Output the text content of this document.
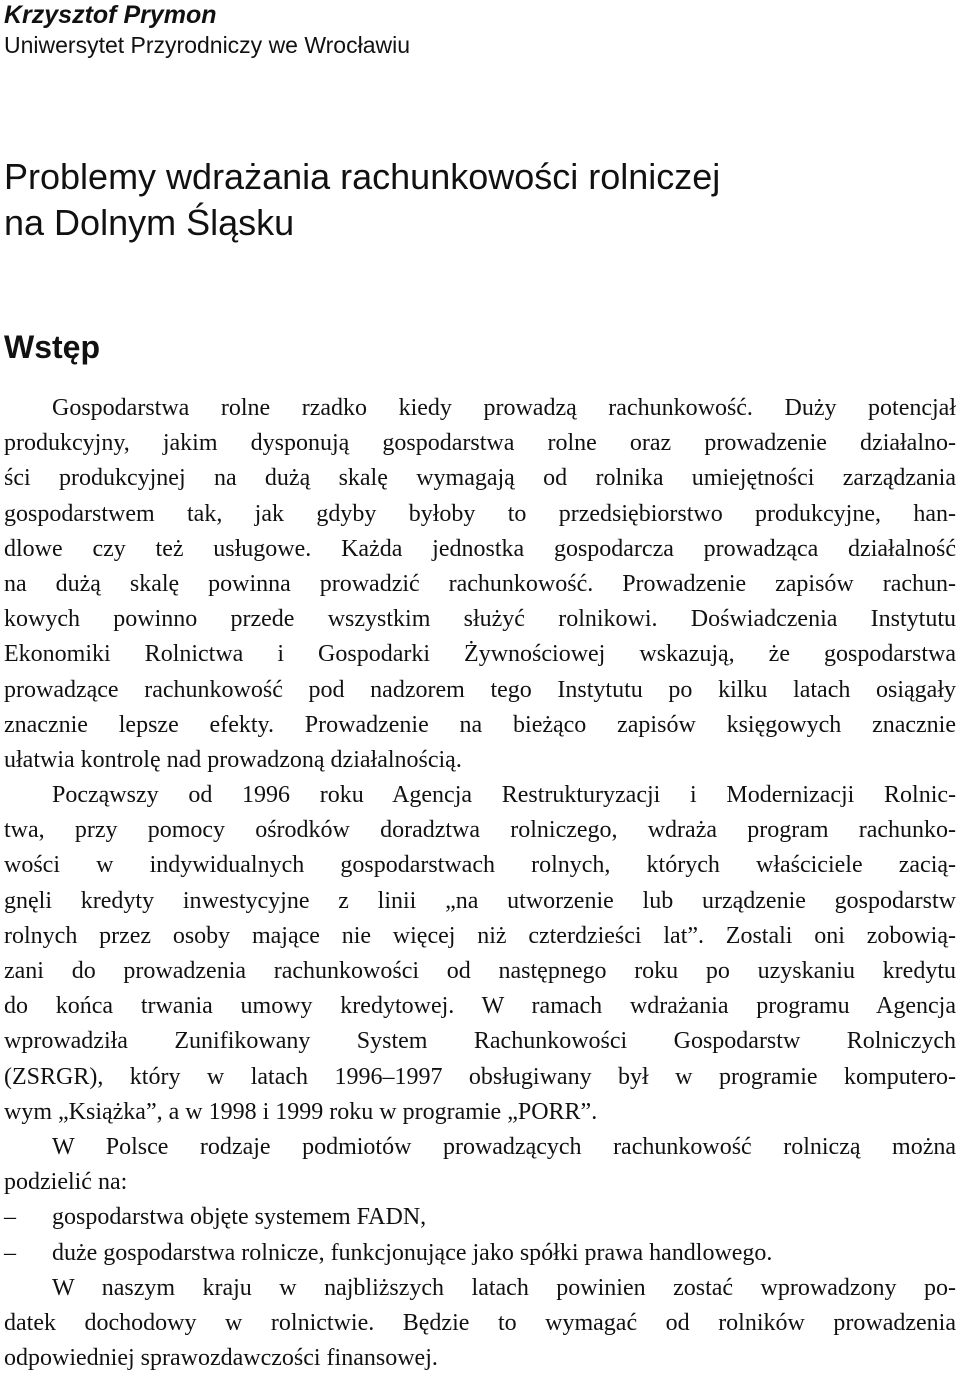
Krzysztof Prymon
Uniwersytet Przyrodniczy we Wrocławiu
Problemy wdrażania rachunkowości rolniczej
na Dolnym Śląsku
Wstęp
Gospodarstwa rolne rzadko kiedy prowadzą rachunkowość. Duży potencjał
produkcyjny, jakim dysponują gospodarstwa rolne oraz prowadzenie działalno-
ści produkcyjnej na dużą skalę wymagają od rolnika umiejętności zarządzania
gospodarstwem tak, jak gdyby byłoby to przedsiębiorstwo produkcyjne, han-
dlowe czy też usługowe. Każda jednostka gospodarcza prowadząca działalność
na dużą skalę powinna prowadzić rachunkowość. Prowadzenie zapisów rachun-
kowych powinno przede wszystkim służyć rolnikowi. Doświadczenia Instytutu
Ekonomiki Rolnictwa i Gospodarki Żywnościowej wskazują, że gospodarstwa
prowadzące rachunkowość pod nadzorem tego Instytutu po kilku latach osiągały
znacznie lepsze efekty. Prowadzenie na bieżąco zapisów księgowych znacznie
ułatwia kontrolę nad prowadzoną działalnością.
Począwszy od 1996 roku Agencja Restrukturyzacji i Modernizacji Rolnic-
twa, przy pomocy ośrodków doradztwa rolniczego, wdraża program rachunko-
wości w indywidualnych gospodarstwach rolnych, których właściciele zacią-
gnęli kredyty inwestycyjne z linii „na utworzenie lub urządzenie gospodarstw
rolnych przez osoby mające nie więcej niż czterdzieści lat”. Zostali oni zobowią-
zani do prowadzenia rachunkowości od następnego roku po uzyskaniu kredytu
do końca trwania umowy kredytowej. W ramach wdrażania programu Agencja
wprowadziła Zunifikowany System Rachunkowości Gospodarstw Rolniczych
(ZSRGR), który w latach 1996–1997 obsługiwany był w programie komputero-
wym „Książka”, a w 1998 i 1999 roku w programie „PORR”.
W Polsce rodzaje podmiotów prowadzących rachunkowość rolniczą można
podzielić na:
– gospodarstwa objęte systemem FADN,
– duże gospodarstwa rolnicze, funkcjonujące jako spółki prawa handlowego.
W naszym kraju w najbliższych latach powinien zostać wprowadzony po-
datek dochodowy w rolnictwie. Będzie to wymagać od rolników prowadzenia
odpowiedniej sprawozdawczości finansowej.
